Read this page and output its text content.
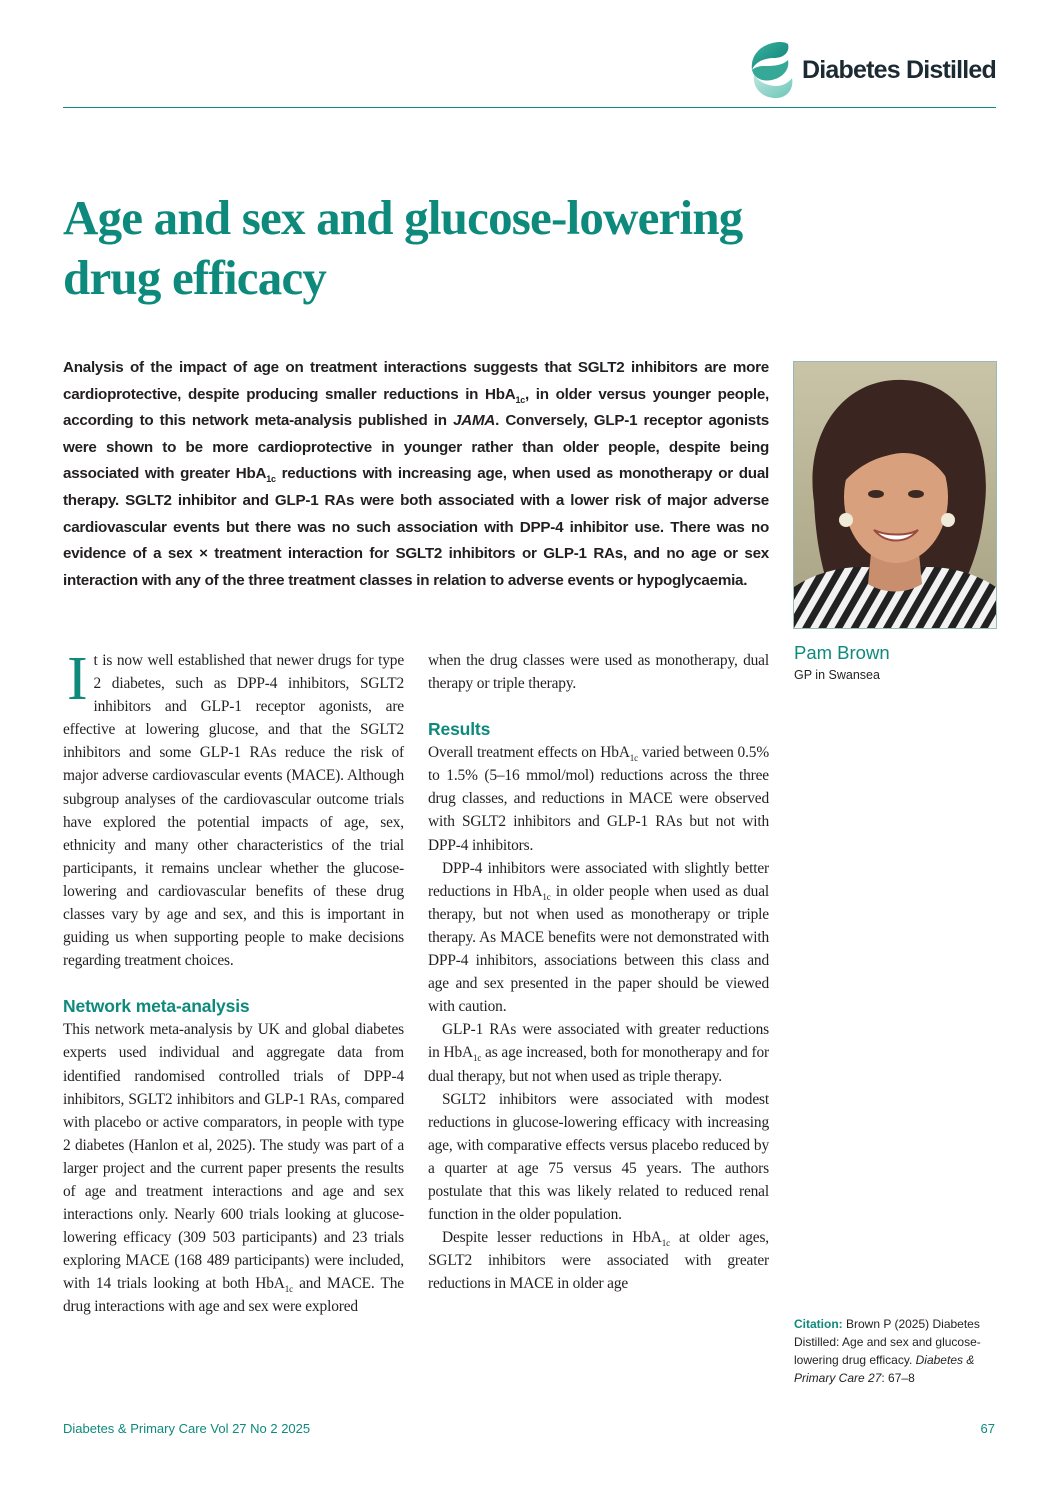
Diabetes Distilled
Age and sex and glucose-lowering drug efficacy

Analysis of the impact of age on treatment interactions suggests that SGLT2 inhibitors are more cardioprotective, despite producing smaller reductions in HbA$_{1c}$, in older versus younger people, according to this network meta-analysis published in JAMA. Conversely, GLP-1 receptor agonists were shown to be more cardioprotective in younger rather than older people, despite being associated with greater HbA$_{1c}$ reductions with increasing age, when used as monotherapy or dual therapy. SGLT2 inhibitor and GLP-1 RAs were both associated with a lower risk of major adverse cardiovascular events but there was no such association with DPP-4 inhibitor use. There was no evidence of a sex × treatment interaction for SGLT2 inhibitors or GLP-1 RAs, and no age or sex interaction with any of the three treatment classes in relation to adverse events or hypoglycaemia.

Pam Brown
GP in Swansea

It is now well established that newer drugs for type 2 diabetes, such as DPP-4 inhibitors, SGLT2 inhibitors and GLP-1 receptor agonists, are effective at lowering glucose, and that the SGLT2 inhibitors and some GLP-1 RAs reduce the risk of major adverse cardiovascular events (MACE). Although subgroup analyses of the cardiovascular outcome trials have explored the potential impacts of age, sex, ethnicity and many other characteristics of the trial participants, it remains unclear whether the glucose-lowering and cardiovascular benefits of these drug classes vary by age and sex, and this is important in guiding us when supporting people to make decisions regarding treatment choices.

Network meta-analysis

This network meta-analysis by UK and global diabetes experts used individual and aggregate data from identified randomised controlled trials of DPP-4 inhibitors, SGLT2 inhibitors and GLP-1 RAs, compared with placebo or active comparators, in people with type 2 diabetes (Hanlon et al, 2025). The study was part of a larger project and the current paper presents the results of age and treatment interactions and age and sex interactions only. Nearly 600 trials looking at glucose-lowering efficacy (309 503 participants) and 23 trials exploring MACE (168 489 participants) were included, with 14 trials looking at both HbA$_{1c}$ and MACE. The drug interactions with age and sex were explored

when the drug classes were used as monotherapy, dual therapy or triple therapy.

Results

Overall treatment effects on HbA$_{1c}$ varied between 0.5% to 1.5% (5–16 mmol/mol) reductions across the three drug classes, and reductions in MACE were observed with SGLT2 inhibitors and GLP-1 RAs but not with DPP-4 inhibitors.

DPP-4 inhibitors were associated with slightly better reductions in HbA$_{1c}$ in older people when used as dual therapy, but not when used as monotherapy or triple therapy. As MACE benefits were not demonstrated with DPP-4 inhibitors, associations between this class and age and sex presented in the paper should be viewed with caution.

GLP-1 RAs were associated with greater reductions in HbA$_{1c}$ as age increased, both for monotherapy and for dual therapy, but not when used as triple therapy.

SGLT2 inhibitors were associated with modest reductions in glucose-lowering efficacy with increasing age, with comparative effects versus placebo reduced by a quarter at age 75 versus 45 years. The authors postulate that this was likely related to reduced renal function in the older population.

Despite lesser reductions in HbA$_{1c}$ at older ages, SGLT2 inhibitors were associated with greater reductions in MACE in older age

Citation: Brown P (2025) Diabetes Distilled: Age and sex and glucose-lowering drug efficacy. Diabetes & Primary Care 27: 67–8
Diabetes & Primary Care Vol 27 No 2 2025	67
